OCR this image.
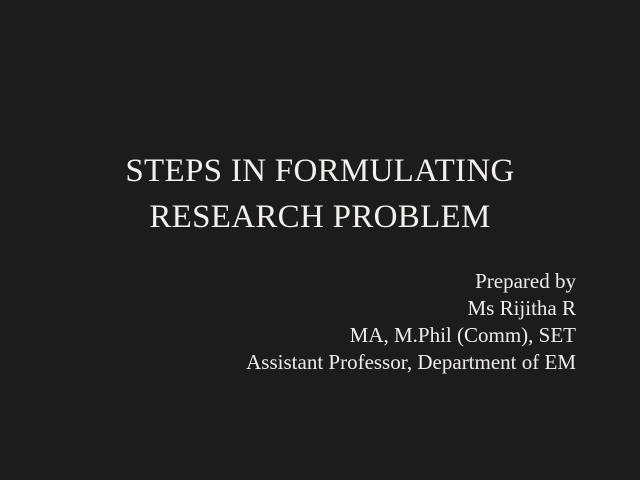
STEPS IN FORMULATING
RESEARCH PROBLEM
Prepared by
Ms Rijitha R
MA, M.Phil (Comm), SET
Assistant Professor, Department of EM
